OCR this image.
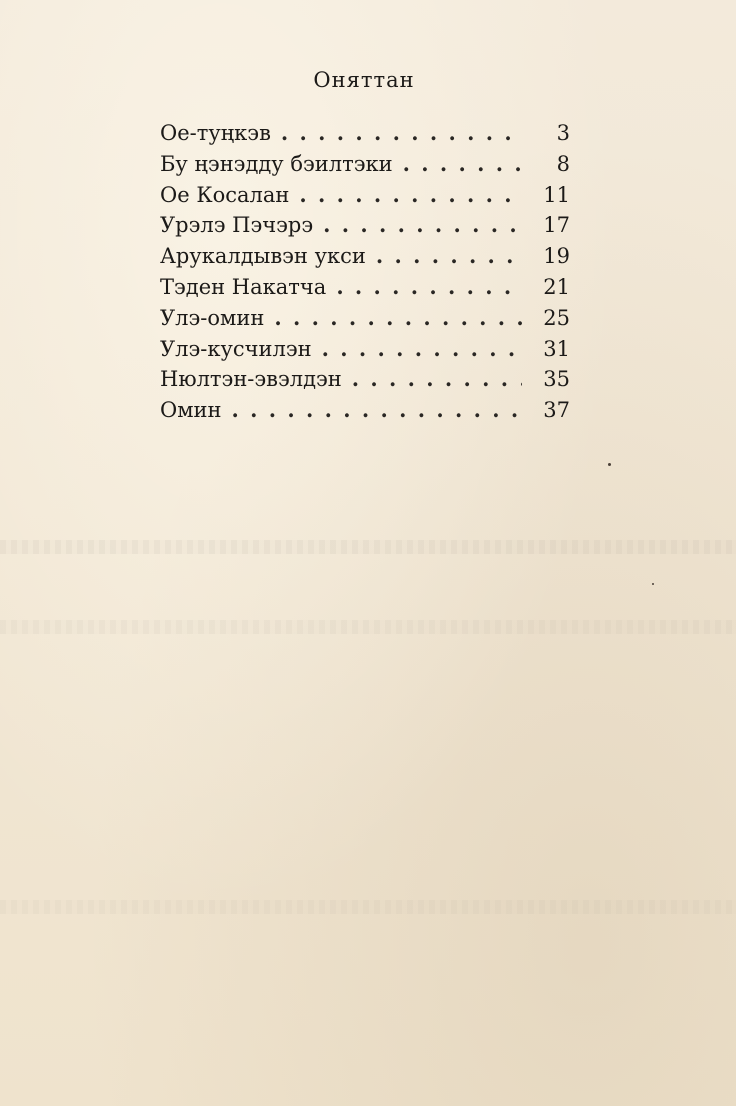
Оняттан
Ое-туңкэв . . .	3
Бу ңэнэдду бэилтэки . . .	8
Ое Косалан . . .	11
Урэлэ Пэчэрэ . . .	17
Арукалдывэн укси . . .	19
Тэден Накатча . . .	21
Улэ-омин . . .	25
Улэ-кусчилэн . . .	31
Нюлтэн-эвэлдэн . . .	35
Омин . . .	37
